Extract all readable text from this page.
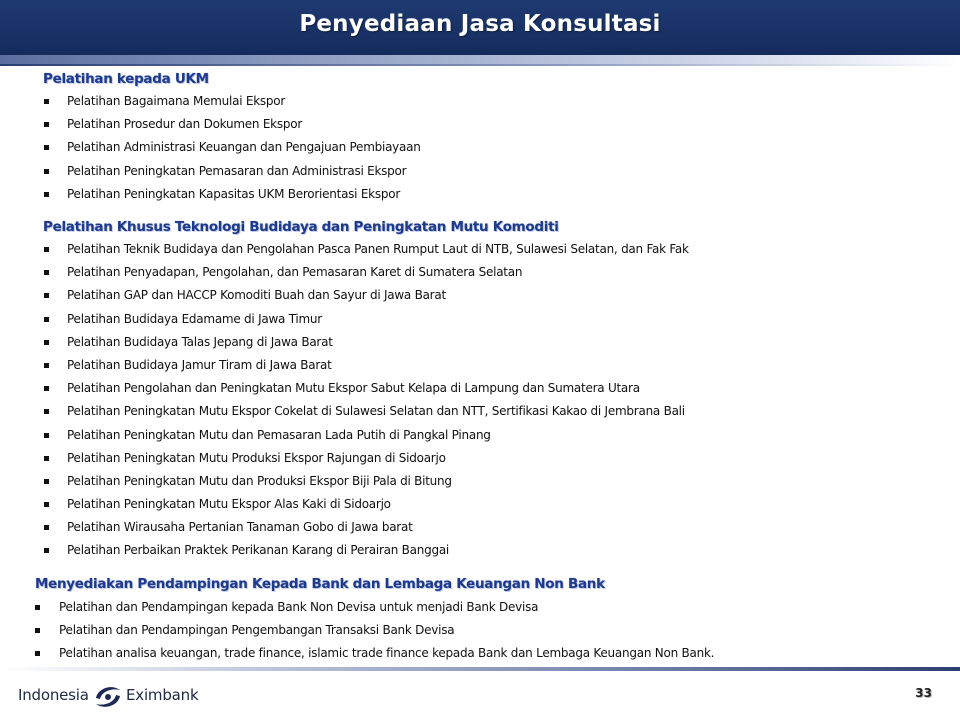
Penyediaan Jasa Konsultasi
Pelatihan kepada UKM
Pelatihan Bagaimana Memulai Ekspor
Pelatihan Prosedur dan Dokumen Ekspor
Pelatihan Administrasi Keuangan dan Pengajuan Pembiayaan
Pelatihan Peningkatan Pemasaran dan Administrasi Ekspor
Pelatihan Peningkatan Kapasitas UKM Berorientasi Ekspor
Pelatihan Khusus Teknologi Budidaya dan Peningkatan Mutu Komoditi
Pelatihan Teknik Budidaya dan Pengolahan Pasca Panen Rumput Laut di NTB, Sulawesi Selatan, dan Fak Fak
Pelatihan Penyadapan, Pengolahan, dan Pemasaran Karet di Sumatera Selatan
Pelatihan GAP dan HACCP Komoditi Buah dan Sayur di Jawa Barat
Pelatihan Budidaya Edamame di Jawa Timur
Pelatihan Budidaya Talas Jepang di Jawa Barat
Pelatihan Budidaya Jamur Tiram di Jawa Barat
Pelatihan Pengolahan dan Peningkatan Mutu Ekspor Sabut Kelapa di Lampung dan Sumatera Utara
Pelatihan Peningkatan Mutu Ekspor Cokelat di Sulawesi Selatan dan NTT, Sertifikasi Kakao di Jembrana Bali
Pelatihan Peningkatan Mutu dan Pemasaran Lada Putih di Pangkal Pinang
Pelatihan Peningkatan Mutu Produksi Ekspor Rajungan di Sidoarjo
Pelatihan Peningkatan Mutu dan Produksi Ekspor Biji Pala di Bitung
Pelatihan Peningkatan Mutu Ekspor Alas Kaki di Sidoarjo
Pelatihan Wirausaha Pertanian Tanaman Gobo di Jawa barat
Pelatihan Perbaikan Praktek Perikanan Karang di Perairan Banggai
Menyediakan Pendampingan Kepada Bank dan Lembaga Keuangan Non Bank
Pelatihan dan Pendampingan kepada Bank Non Devisa untuk menjadi Bank Devisa
Pelatihan dan Pendampingan Pengembangan Transaksi Bank Devisa
Pelatihan analisa keuangan, trade finance, islamic trade finance kepada Bank dan Lembaga Keuangan Non Bank.
Indonesia Eximbank	33
